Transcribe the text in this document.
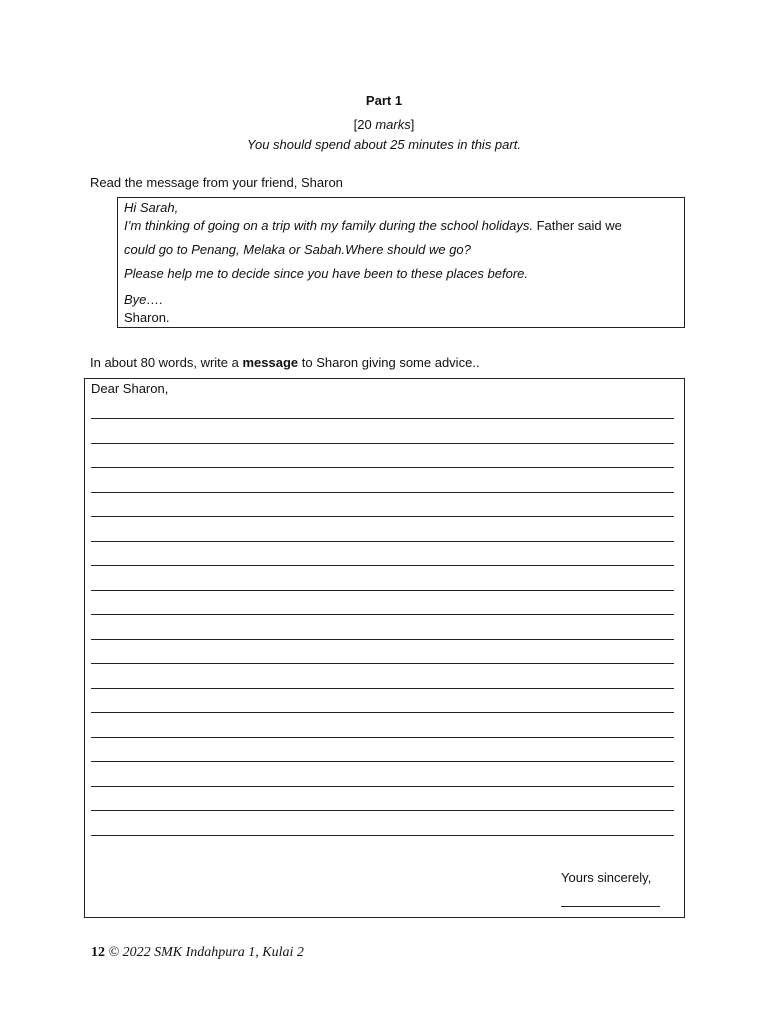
Part 1
[20 marks]
You should spend about 25 minutes in this part.
Read the message from your friend, Sharon
Hi Sarah,
I’m thinking of going on a trip with my family during the school holidays. Father said we
could go to Penang, Melaka or Sabah.Where should we go?
Please help me to decide since you have been to these places before.
Bye….
Sharon.
In about 80 words, write a message to Sharon giving some advice..
Dear Sharon,
Yours sincerely,
12 © 2022 SMK Indahpura 1, Kulai 2
